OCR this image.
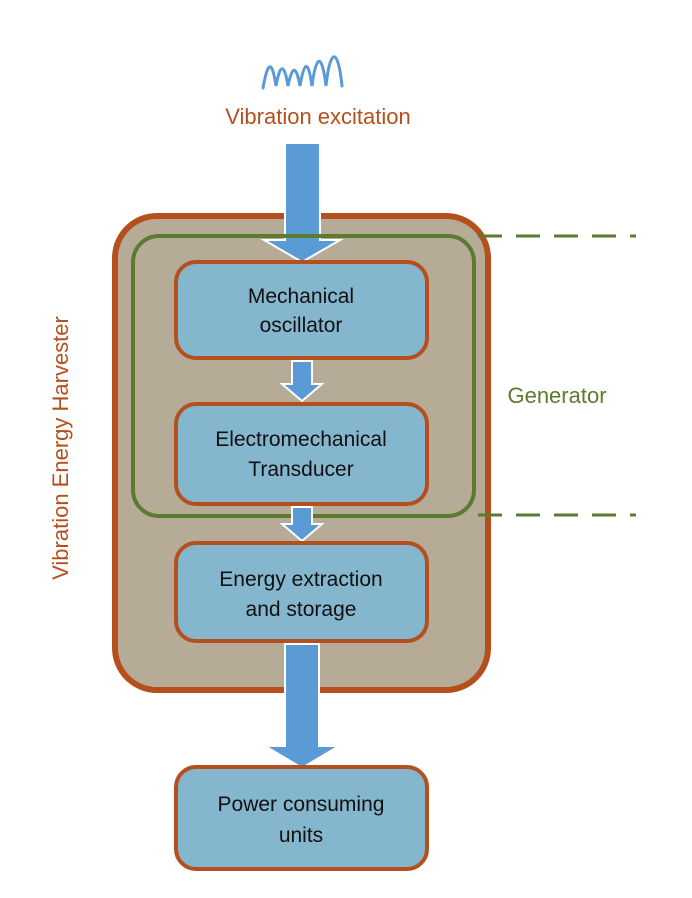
Vibration excitation
Generator
Vibration Energy Harvester
Mechanical
oscillator
Electromechanical
Transducer
Energy extraction
and storage
Power consuming
units
